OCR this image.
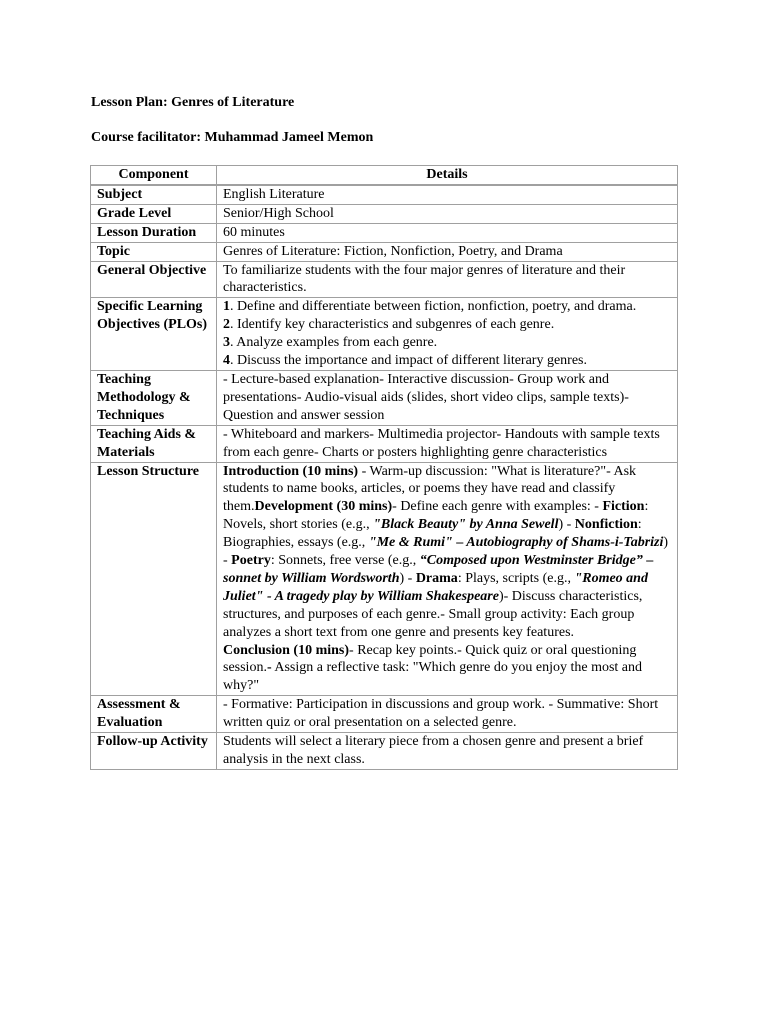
Lesson Plan: Genres of Literature
Course facilitator: Muhammad Jameel Memon
Component	Details
Subject	English Literature
Grade Level	Senior/High School
Lesson Duration	60 minutes
Topic	Genres of Literature: Fiction, Nonfiction, Poetry, and Drama
General Objective	To familiarize students with the four major genres of literature and their characteristics.
Specific Learning Objectives (PLOs)	1. Define and differentiate between fiction, nonfiction, poetry, and drama.
2. Identify key characteristics and subgenres of each genre.
3. Analyze examples from each genre.
4. Discuss the importance and impact of different literary genres.

Teaching Methodology & Techniques	- Lecture-based explanation- Interactive discussion- Group work and presentations- Audio-visual aids (slides, short video clips, sample texts)- Question and answer session
Teaching Aids & Materials	- Whiteboard and markers- Multimedia projector- Handouts with sample texts from each genre- Charts or posters highlighting genre characteristics
Lesson Structure	Introduction (10 mins) - Warm-up discussion: "What is literature?"- Ask students to name books, articles, or poems they have read and classify them.Development (30 mins)- Define each genre with examples: - Fiction: Novels, short stories (e.g., "Black Beauty" by Anna Sewell) - Nonfiction: Biographies, essays (e.g., "Me & Rumi" – Autobiography of Shams-i-Tabrizi) - Poetry: Sonnets, free verse (e.g., “Composed upon Westminster Bridge” – sonnet by William Wordsworth) - Drama: Plays, scripts (e.g., "Romeo and Juliet" - A tragedy play by William Shakespeare)- Discuss characteristics, structures, and purposes of each genre.- Small group activity: Each group analyzes a short text from one genre and presents key features.
Conclusion (10 mins)- Recap key points.- Quick quiz or oral questioning session.- Assign a reflective task: "Which genre do you enjoy the most and why?"

Assessment & Evaluation	- Formative: Participation in discussions and group work. - Summative: Short written quiz or oral presentation on a selected genre.
Follow-up Activity	Students will select a literary piece from a chosen genre and present a brief analysis in the next class.
